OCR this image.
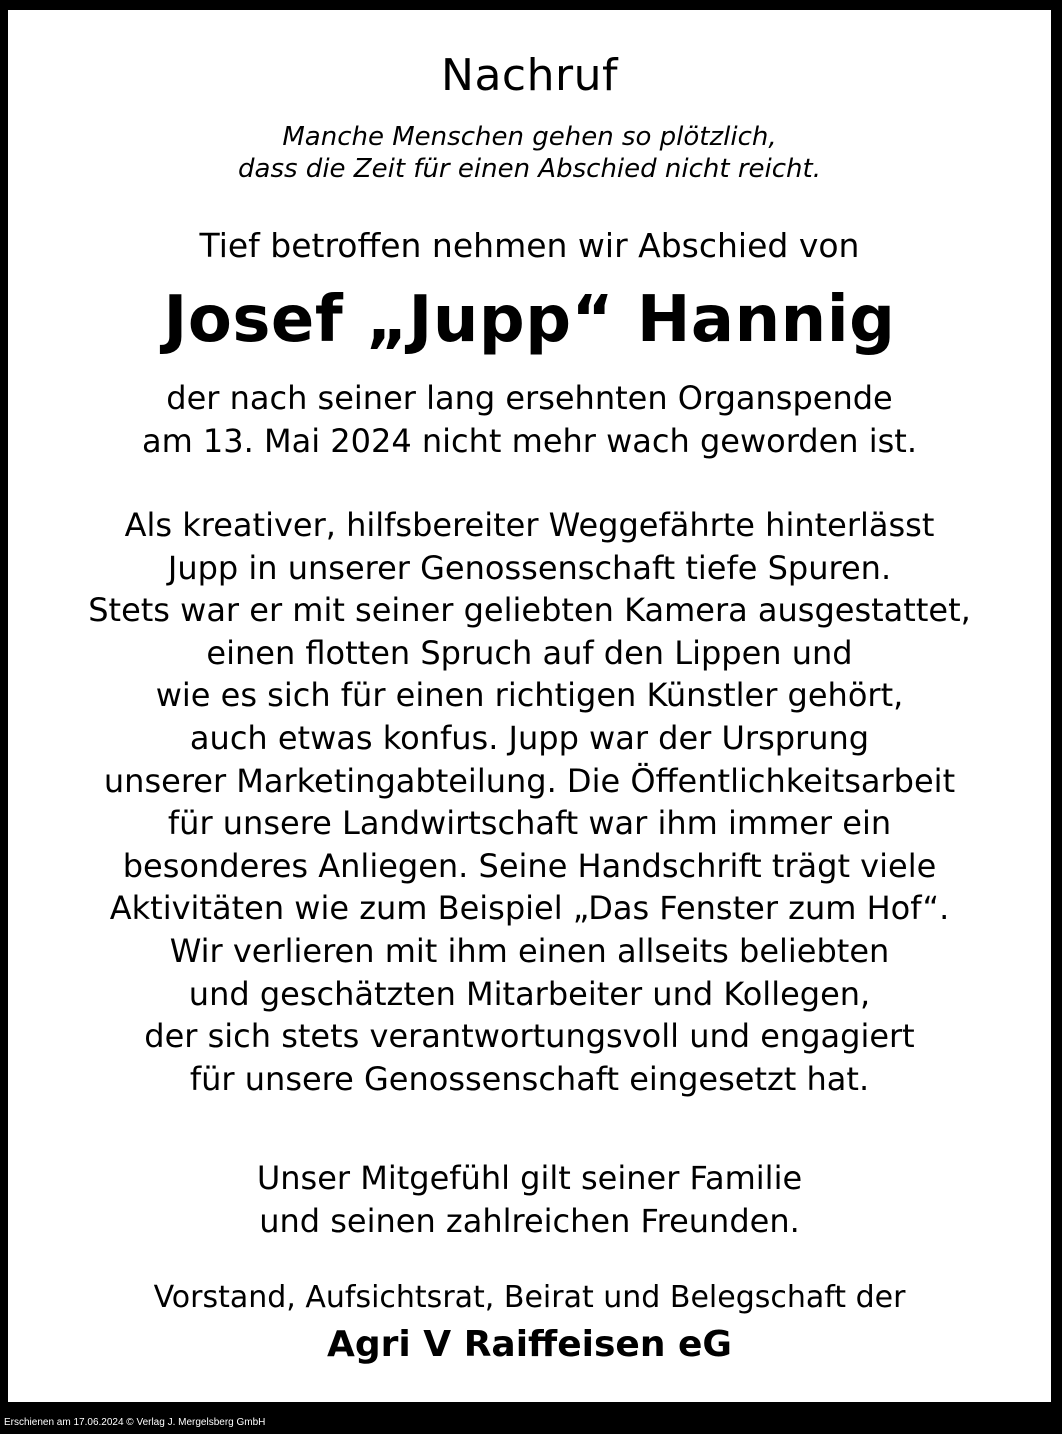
Nachruf
Manche Menschen gehen so plötzlich,
dass die Zeit für einen Abschied nicht reicht.
Tief betroffen nehmen wir Abschied von
Josef „Jupp“ Hannig
der nach seiner lang ersehnten Organspende
am 13. Mai 2024 nicht mehr wach geworden ist.
Als kreativer, hilfsbereiter Weggefährte hinterlässt
Jupp in unserer Genossenschaft tiefe Spuren.
Stets war er mit seiner geliebten Kamera ausgestattet,
einen flotten Spruch auf den Lippen und
wie es sich für einen richtigen Künstler gehört,
auch etwas konfus. Jupp war der Ursprung
unserer Marketingabteilung. Die Öffentlichkeitsarbeit
für unsere Landwirtschaft war ihm immer ein
besonderes Anliegen. Seine Handschrift trägt viele
Aktivitäten wie zum Beispiel „Das Fenster zum Hof“.
Wir verlieren mit ihm einen allseits beliebten
und geschätzten Mitarbeiter und Kollegen,
der sich stets verantwortungsvoll und engagiert
für unsere Genossenschaft eingesetzt hat.
Unser Mitgefühl gilt seiner Familie
und seinen zahlreichen Freunden.
Vorstand, Aufsichtsrat, Beirat und Belegschaft der
Agri V Raiffeisen eG
Erschienen am 17.06.2024 © Verlag J. Mergelsberg GmbH
